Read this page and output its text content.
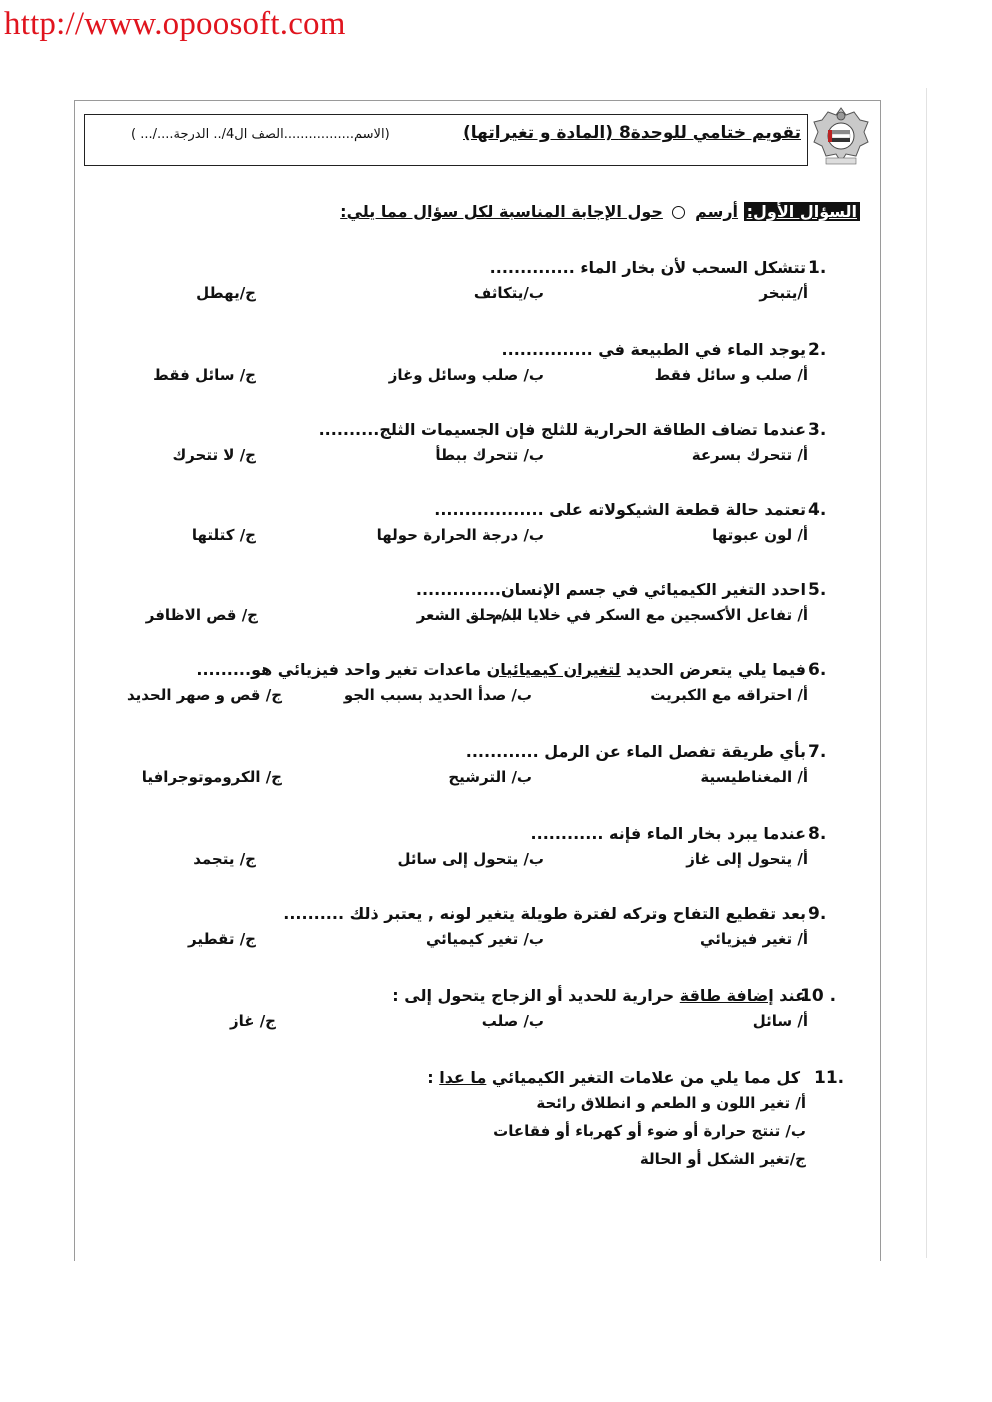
http://www.opoosoft.com
تقويم ختامي للوحدة8 (المادة و تغيراتها)
(الاسم.................الصف ال4/.. الدرجة..../... )
السؤال الأول: أرسم  حول الإجابة المناسبة لكل سؤال مما يلي:
1.
تتشكل السحب لأن بخار الماء ..............
أ/يتبخر
ب/يتكاثف
ج/يهطل
2.
يوجد الماء في الطبيعة في ...............
أ/ صلب و سائل فقط
ب/ صلب وسائل وغاز
ج/ سائل فقط
3.
عندما تضاف الطاقة الحرارية للثلج فإن الجسيمات الثلج..........
أ/ تتحرك بسرعة
ب/ تتحرك ببطأ
ج/ لا تتحرك
4.
تعتمد حالة قطعة الشيكولاته على ..................
أ/ لون عبوتها
ب/ درجة الحرارة حولها
ج/ كتلتها
5.
احدد التغير الكيميائي في جسم الإنسان..............
أ/ تفاعل الأكسجين مع السكر في خلايا الدم
ب/ حلق الشعر
ج/ قص الاظافر
6.
فيما يلي يتعرض الحديد لتغيران كيميائيان ماعدات تغير واحد فيزيائي هو.........
أ/ احتراقه مع الكبريت
ب/ صدأ الحديد بسبب الجو
ج/ قص و صهر الحديد
7.
بأي طريقة تفصل الماء عن الرمل ............
أ/ المغناطيسية
ب/ الترشيح
ج/ الكروموتوجرافيا
8.
عندما يبرد بخار الماء فإنه ............
أ/ يتحول إلى غاز
ب/ يتحول إلى سائل
ج/ يتجمد
9.
بعد تقطيع التفاح وتركه لفترة طويلة يتغير لونه , يعتبر ذلك ..........
أ/ تغير فيزيائي
ب/ تغير كيميائي
ج/ تقطير
10 .
عند إضافة طاقة حرارية للحديد أو الزجاج يتحول إلى :
أ/ سائل
ب/ صلب
ج/ غاز
11.
كل مما يلي من علامات التغير الكيميائي ما عدا :
أ/ تغير اللون و الطعم و انطلاق رائحة
ب/ تنتج حرارة أو ضوء أو كهرباء أو فقاعات
ج/تغير الشكل أو الحالة
